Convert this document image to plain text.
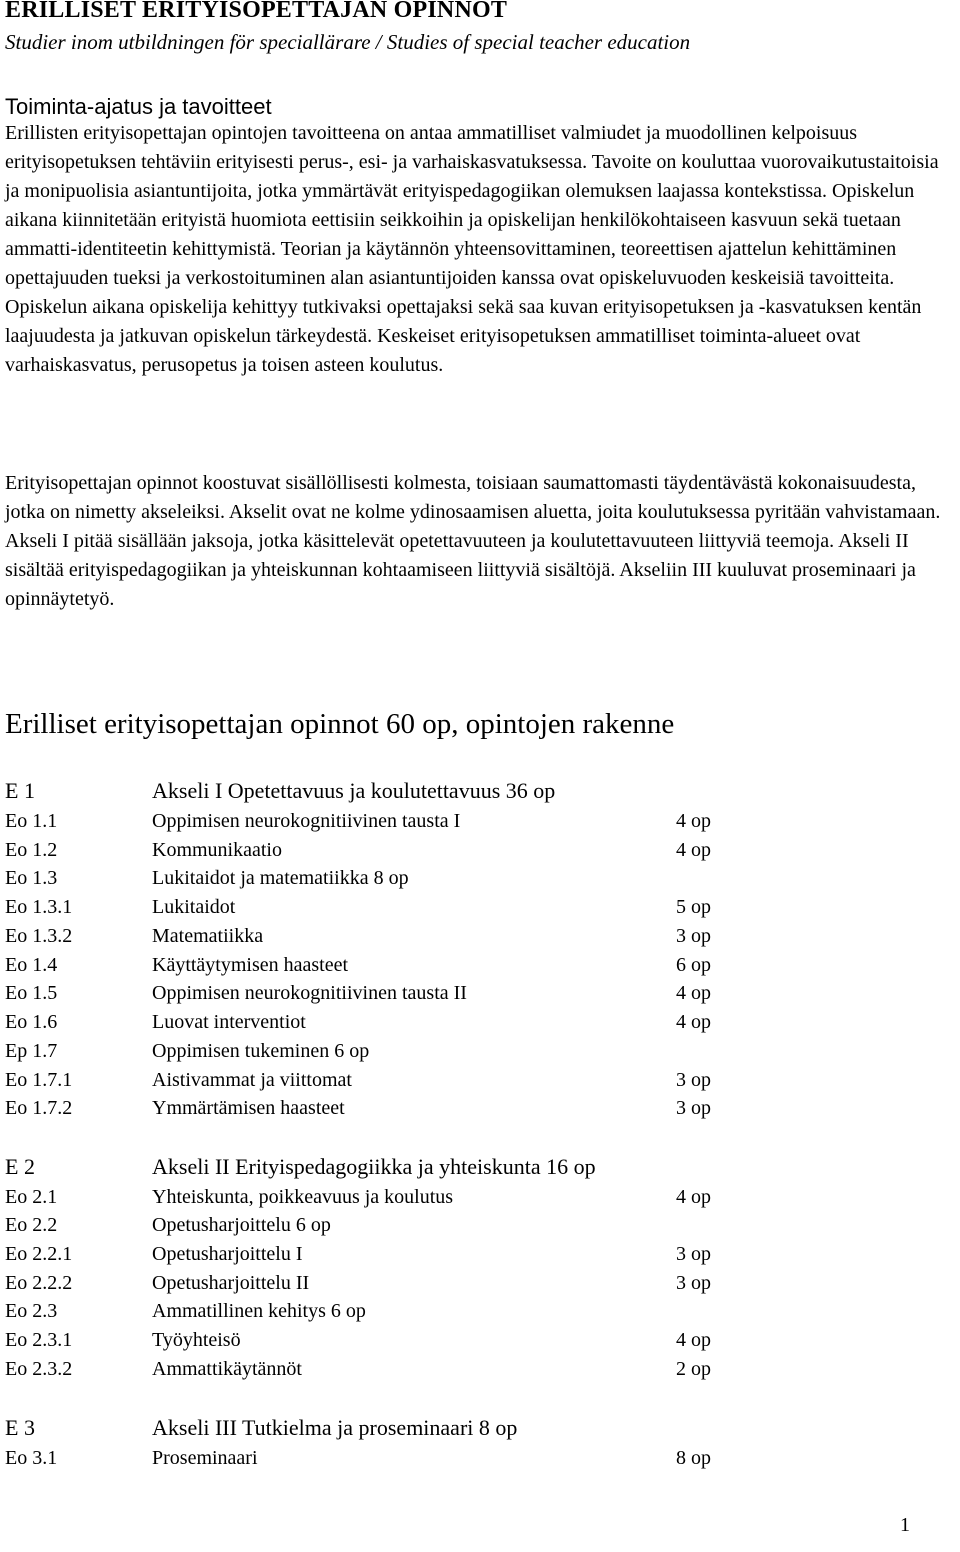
ERILLISET ERITYISOPETTAJAN OPINNOT
Studier inom utbildningen för speciallärare / Studies of special teacher education
Toiminta-ajatus ja tavoitteet

Erillisten erityisopettajan opintojen tavoitteena on antaa ammatilliset valmiudet ja muodollinen kelpoisuus erityisopetuksen tehtäviin erityisesti perus-, esi- ja varhaiskasvatuksessa. Tavoite on kouluttaa vuorovaikutustaitoisia ja monipuolisia asiantuntijoita, jotka ymmärtävät erityispedagogiikan olemuksen laajassa kontekstissa. Opiskelun aikana kiinnitetään erityistä huomiota eettisiin seikkoihin ja opiskelijan henkilökohtaiseen kasvuun sekä tuetaan ammatti-identiteetin kehittymistä. Teorian ja käytännön yhteensovittaminen, teoreettisen ajattelun kehittäminen opettajuuden tueksi ja verkostoituminen alan asiantuntijoiden kanssa ovat opiskeluvuoden keskeisiä tavoitteita. Opiskelun aikana opiskelija kehittyy tutkivaksi opettajaksi sekä saa kuvan erityisopetuksen ja -kasvatuksen kentän laajuudesta ja jatkuvan opiskelun tärkeydestä. Keskeiset erityisopetuksen ammatilliset toiminta-alueet ovat varhaiskasvatus, perusopetus ja toisen asteen koulutus.

Erityisopettajan opinnot koostuvat sisällöllisesti kolmesta, toisiaan saumattomasti täydentävästä kokonaisuudesta, jotka on nimetty akseleiksi. Akselit ovat ne kolme ydinosaamisen aluetta, joita koulutuksessa pyritään vahvistamaan. Akseli I pitää sisällään jaksoja, jotka käsittelevät opetettavuuteen ja koulutettavuuteen liittyviä teemoja. Akseli II sisältää erityispedagogiikan ja yhteiskunnan kohtaamiseen liittyviä sisältöjä. Akseliin III kuuluvat proseminaari ja opinnäytetyö.

Erilliset erityisopettajan opinnot 60 op, opintojen rakenne
E 1	Akseli I Opetettavuus ja koulutettavuus 36 op
Eo 1.1	Oppimisen neurokognitiivinen tausta I	4 op
Eo 1.2	Kommunikaatio	4 op
Eo 1.3	Lukitaidot ja matematiikka 8 op
Eo 1.3.1	Lukitaidot	5 op
Eo 1.3.2	Matematiikka	3 op
Eo 1.4	Käyttäytymisen haasteet	6 op
Eo 1.5	Oppimisen neurokognitiivinen tausta II	4 op
Eo 1.6	Luovat interventiot	4 op
Ep 1.7	Oppimisen tukeminen 6 op
Eo 1.7.1	Aistivammat ja viittomat	3 op
Eo 1.7.2	Ymmärtämisen haasteet	3 op
E 2	Akseli II Erityispedagogiikka ja yhteiskunta 16 op
Eo 2.1	Yhteiskunta, poikkeavuus ja koulutus	4 op
Eo 2.2	Opetusharjoittelu 6 op
Eo 2.2.1	Opetusharjoittelu I	3 op
Eo 2.2.2	Opetusharjoittelu II	3 op
Eo 2.3	Ammatillinen kehitys 6 op
Eo 2.3.1	Työyhteisö	4 op
Eo 2.3.2	Ammattikäytännöt	2 op
E 3	Akseli III Tutkielma ja proseminaari 8 op
Eo 3.1	Proseminaari	8 op
1
